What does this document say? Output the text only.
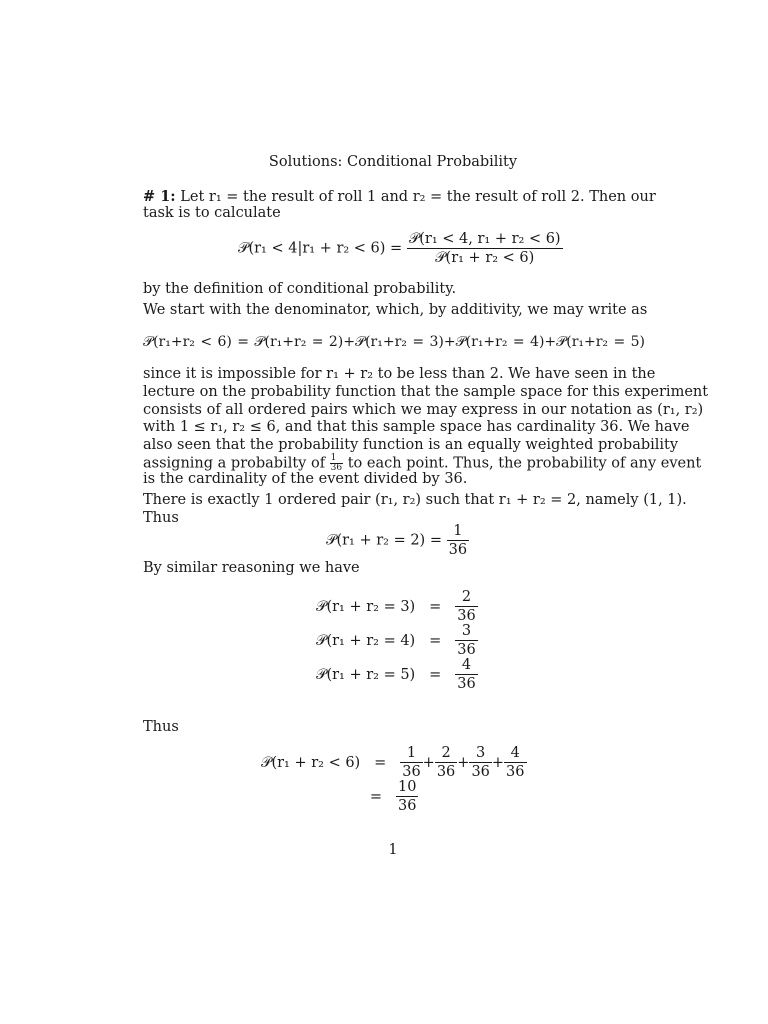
Solutions: Conditional Probability
# 1: Let r₁ = the result of roll 1 and r₂ = the result of roll 2. Then our
task is to calculate
𝒫(r₁ < $4|r_1 + r_2 < 6) = \frac{\text{𝒫(r₁ < 4, r₁ + r₂ < 6)}}{\text{𝒫(r₁ + r₂ < 6)}}$
by the definition of conditional probability.
We start with the denominator, which, by additivity, we may write as
𝒫(r₁+r₂ < 6) = 𝒫(r₁+r₂ = 2)+𝒫(r₁+r₂ = 3)+𝒫(r₁+r₂ = 4)+𝒫(r₁+r₂ = 5)
since it is impossible for r₁ + r₂ to be less than 2. We have seen in the
lecture on the probability function that the sample space for this experiment
consists of all ordered pairs which we may express in our notation as (r₁, r₂)
with 1 ≤ r₁, r₂ ≤ 6, and that this sample space has cardinality 36. We have
also seen that the probability function is an equally weighted probability
assigning a probabilty of $\frac{1}{36}$ to each point. Thus, the probability of any event
is the cardinality of the event divided by 36.
There is exactly 1 ordered pair (r₁, r₂) such that r₁ + r₂ = 2, namely (1, 1).
Thus
𝒫(r₁ + $r_2 = 2) = \frac{1}{36}$
By similar reasoning we have
𝒫(r₁ + $r_2 = 3) = \frac{2}{36}$
𝒫(r₁ + $r_2 = 4) = \frac{3}{36}$
𝒫(r₁ + $r_2 = 5) = \frac{4}{36}$
Thus
𝒫(r₁ + $r_2 < 6) = \frac{1}{36} + \frac{2}{36} + \frac{3}{36} + \frac{4}{36}$
= $\frac{10}{36}$
1
